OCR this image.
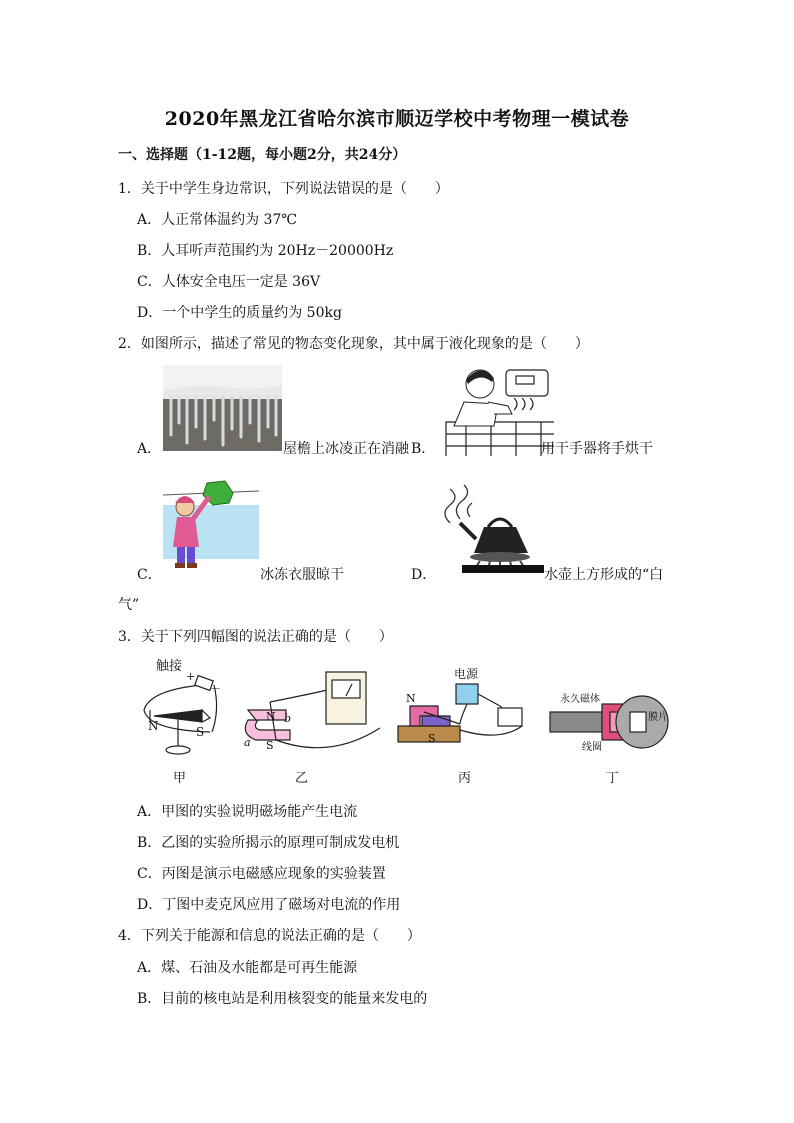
2020年黑龙江省哈尔滨市顺迈学校中考物理一模试卷
一、选择题（1-12题，每小题2分，共24分）
1．关于中学生身边常识，下列说法错误的是（　　）
A．人正常体温约为 37℃
B．人耳听声范围约为 20Hz－20000Hz
C．人体安全电压一定是 36V
D．一个中学生的质量约为 50kg
2．如图所示，描述了常见的物态变化现象，其中属于液化现象的是（　　）
A．	屋檐上冰凌正在消融 B．	用干手器将手烘干
C．	冰冻衣服晾干	D．	水壶上方形成的“白
气”
3．关于下列四幅图的说法正确的是（　　）
触接
+
－
N	S
甲
N
S
b
a
乙
电源
N
S
丙
永久磁体
膜片
线圈
丁
A．甲图的实验说明磁场能产生电流
B．乙图的实验所揭示的原理可制成发电机
C．丙图是演示电磁感应现象的实验装置
D．丁图中麦克风应用了磁场对电流的作用
4．下列关于能源和信息的说法正确的是（　　）
A．煤、石油及水能都是可再生能源
B．目前的核电站是利用核裂变的能量来发电的
